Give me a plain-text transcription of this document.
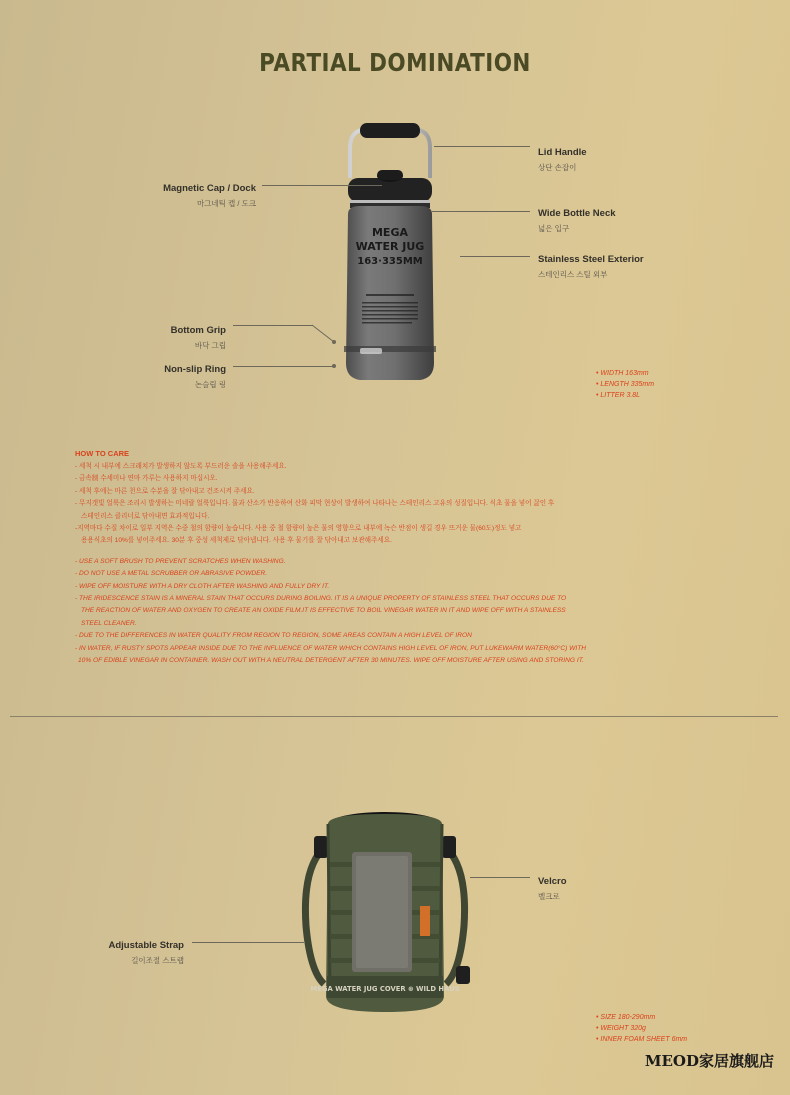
PARTIAL DOMINATION
MEGA
WATER JUG
163·335MM
Lid Handle
상단 손잡이
Magnetic Cap / Dock
마그네틱 캡 / 도크
Wide Bottle Neck
넓은 입구
Stainless Steel Exterior
스테인리스 스틸 외부
Bottom Grip
바닥 그립
Non-slip Ring
논슬립 링
• WIDTH 163mm
• LENGTH 335mm
• LITTER 3.8L
HOW TO CARE
- 세척 시 내부에 스크래치가 발생하지 않도록 부드러운 솔을 사용해주세요.
- 금속制 수세미나 연마 가루는 사용하지 마십시오.
- 세척 후에는 마른 천으로 수분을 잘 닦아내고 건조시켜 주세요.
- 무지갯빛 얼룩은 조리시 발생하는 미네랄 얼룩입니다. 물과 산소가 반응하여 산화 피막 현상이 발생하여 나타나는 스테인리스 고유의 성질입니다. 식초 물을 넣어 끓인 후
스테인리스 클리너로 닦아내면 효과적입니다.
-지역마다 수질 차이로 일부 지역은 수중 철의 함량이 높습니다. 사용 중 철 함량이 높은 물의 영향으로 내부에 녹슨 반점이 생길 경우 뜨거운 물(60도)정도 넣고
용용식초의 10%를 넣어주세요. 30분 후 중성 세척제로 닦아냅니다. 사용 후 물기를 잘 닦아내고 보관해주세요.
- USE A SOFT BRUSH TO PREVENT SCRATCHES WHEN WASHING.
- DO NOT USE A METAL SCRUBBER OR ABRASIVE POWDER.
- WIPE OFF MOISTURE WITH A DRY CLOTH AFTER WASHING AND FULLY DRY IT.
- THE IRIDESCENCE STAIN IS A MINERAL STAIN THAT OCCURS DURING BOILING. IT IS A UNIQUE PROPERTY OF STAINLESS STEEL THAT OCCURS DUE TO
THE REACTION OF WATER AND OXYGEN TO CREATE AN OXIDE FILM.IT IS EFFECTIVE TO BOIL VINEGAR WATER IN IT AND WIPE OFF WITH A STAINLESS
STEEL CLEANER.
- DUE TO THE DIFFERENCES IN WATER QUALITY FROM REGION TO REGION, SOME AREAS CONTAIN A HIGH LEVEL OF IRON
- IN WATER, IF RUSTY SPOTS APPEAR INSIDE DUE TO THE INFLUENCE OF WATER WHICH CONTAINS HIGH LEVEL OF IRON, PUT LUKEWARM WATER(60°C) WITH
10% OF EDIBLE VINEGAR IN CONTAINER. WASH OUT WITH A NEUTRAL DETERGENT AFTER 30 MINUTES. WIPE OFF MOISTURE AFTER USING AND STORING IT.
MEGA WATER JUG COVER ⊛ WILD HAUS
Velcro
벨크로
Adjustable Strap
길이조절 스트랩
• SIZE 180-290mm
• WEIGHT 320g
• INNER FOAM SHEET 6mm
MEOD家居旗舰店
